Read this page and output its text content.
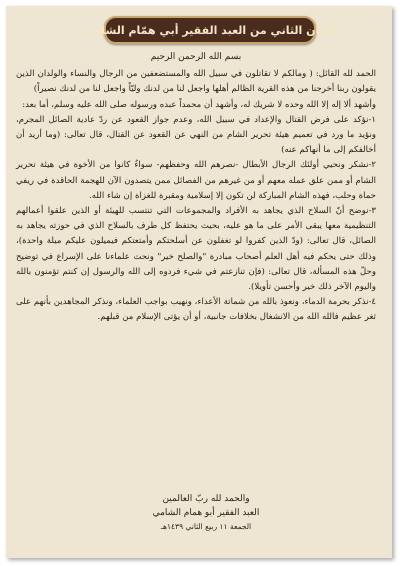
البيان الثاني من العبد الفقير أبي همّام الشامي

بسم الله الرحمن الرحيم

الحمد لله القائل: ( ومالكم لا تقاتلون في سبيل الله والمستضعفين من الرجال والنساء والولدان الذين يقولون ربنا أخرجنا من هذه القرية الظالم أهلها واجعل لنا من لدنك وليّاً واجعل لنا من لدنك نصيراً)

وأشهد ألا إله إلا الله وحده لا شريك له، وأشهد أن محمداً عبده ورسوله صلى الله عليه وسلم، أما بعد:

١-نؤكد على فرض القتال والإعداد في سبيل الله، وعدم جواز القعود عن ردّ عادية الصائل المجرم، ونؤيد ما ورد في تعميم هيئة تحرير الشام من النهي عن القعود عن القتال، قال تعالى: (وما أريد أن أخالفكم إلى ما أنهاكم عنه)

٢-نشكر ونحيي أولئك الرجال الأبطال -نصرهم الله وحفظهم- سواءٌ كانوا من الأخوة في هيئة تحرير الشام أو ممن علق عمله معهم أو من غيرهم من الفصائل ممن يتصدون الآن للهجمة الحاقدة في ريفي حماة وحلب، فهذه الشام المباركة لن تكون إلا إسلامية ومقبرة للغزاة إن شاء الله.

٣-نوضح أنّ السلاح الذي يجاهد به الأفراد والمجموعات التي تنتسب للهيئة أو الذين علقوا أعمالهم التنظيمية معها يبقى الأمر على ما هو عليه، بحيث يحتفظ كل طرف بالسلاح الذي في حوزته يجاهد به الصائل، قال تعالى: (ودّ الذين كفروا لو تغفلون عن أسلحتكم وأمتعتكم فيميلون عليكم ميلة واحدة)، وذلك حتى يحكم فيه أهل العلم أصحاب مبادرة "والصلح خير" ونحث علماءنا على الإسراع في توضيح وحلّ هذه المسألة، قال تعالى: (فإن تنازعتم في شيء فردوه إلى الله والرسول إن كنتم تؤمنون بالله واليوم الآخر ذلك خير وأحسن تأويلا).

٤-نذكر بحرمة الدماء، ونعوذ بالله من شماتة الأعداء، ونهيب بواجب العلماء، ونذكر المجاهدين بأنهم على ثغر عظيم فالله الله من الانشغال بخلافات جانبية، أو أن يؤتى الإسلام من قبلهم.

والحمد لله ربّ العالمين
العبد الفقير أبو همام الشامي
الجمعة ١١ ربيع الثاني ١٤٣٩هـ
